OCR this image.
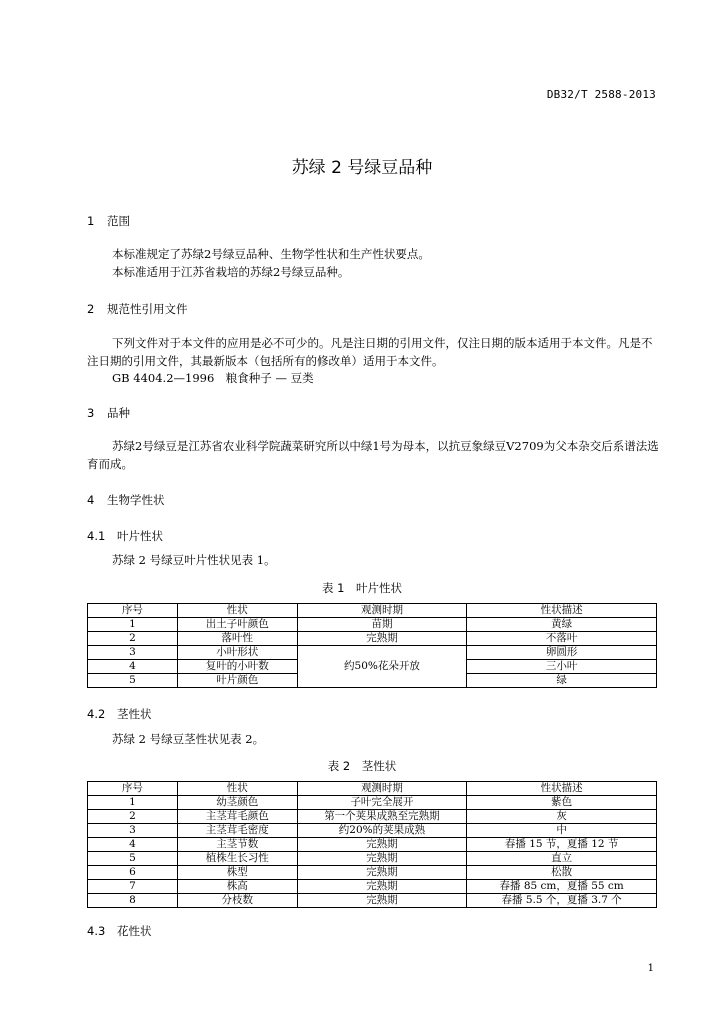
DB32/T 2588-2013
苏绿 2 号绿豆品种
1 范围
本标准规定了苏绿2号绿豆品种、生物学性状和生产性状要点。
本标准适用于江苏省栽培的苏绿2号绿豆品种。
2 规范性引用文件
下列文件对于本文件的应用是必不可少的。凡是注日期的引用文件，仅注日期的版本适用于本文件。凡是不注日期的引用文件，其最新版本（包括所有的修改单）适用于本文件。
GB 4404.2—1996　粮食种子 — 豆类
3 品种
苏绿2号绿豆是江苏省农业科学院蔬菜研究所以中绿1号为母本，以抗豆象绿豆V2709为父本杂交后系谱法选育而成。
4 生物学性状
4.1 叶片性状
苏绿 2 号绿豆叶片性状见表 1。
表 1　叶片性状
序号	性状	观测时期	性状描述
1	出土子叶颜色	苗期	黄绿
2	落叶性	完熟期	不落叶
3	小叶形状	约50%花朵开放	卵圆形
4	复叶的小叶数		三小叶
5	叶片颜色		绿
4.2 茎性状
苏绿 2 号绿豆茎性状见表 2。
表 2　茎性状
序号	性状	观测时期	性状描述
1	幼茎颜色	子叶完全展开	紫色
2	主茎茸毛颜色	第一个荚果成熟至完熟期	灰
3	主茎茸毛密度	约20%的荚果成熟	中
4	主茎节数	完熟期	春播 15 节，夏播 12 节
5	植株生长习性	完熟期	直立
6	株型	完熟期	松散
7	株高	完熟期	春播 85 cm，夏播 55 cm
8	分枝数	完熟期	春播 5.5 个，夏播 3.7 个
4.3 花性状
1
